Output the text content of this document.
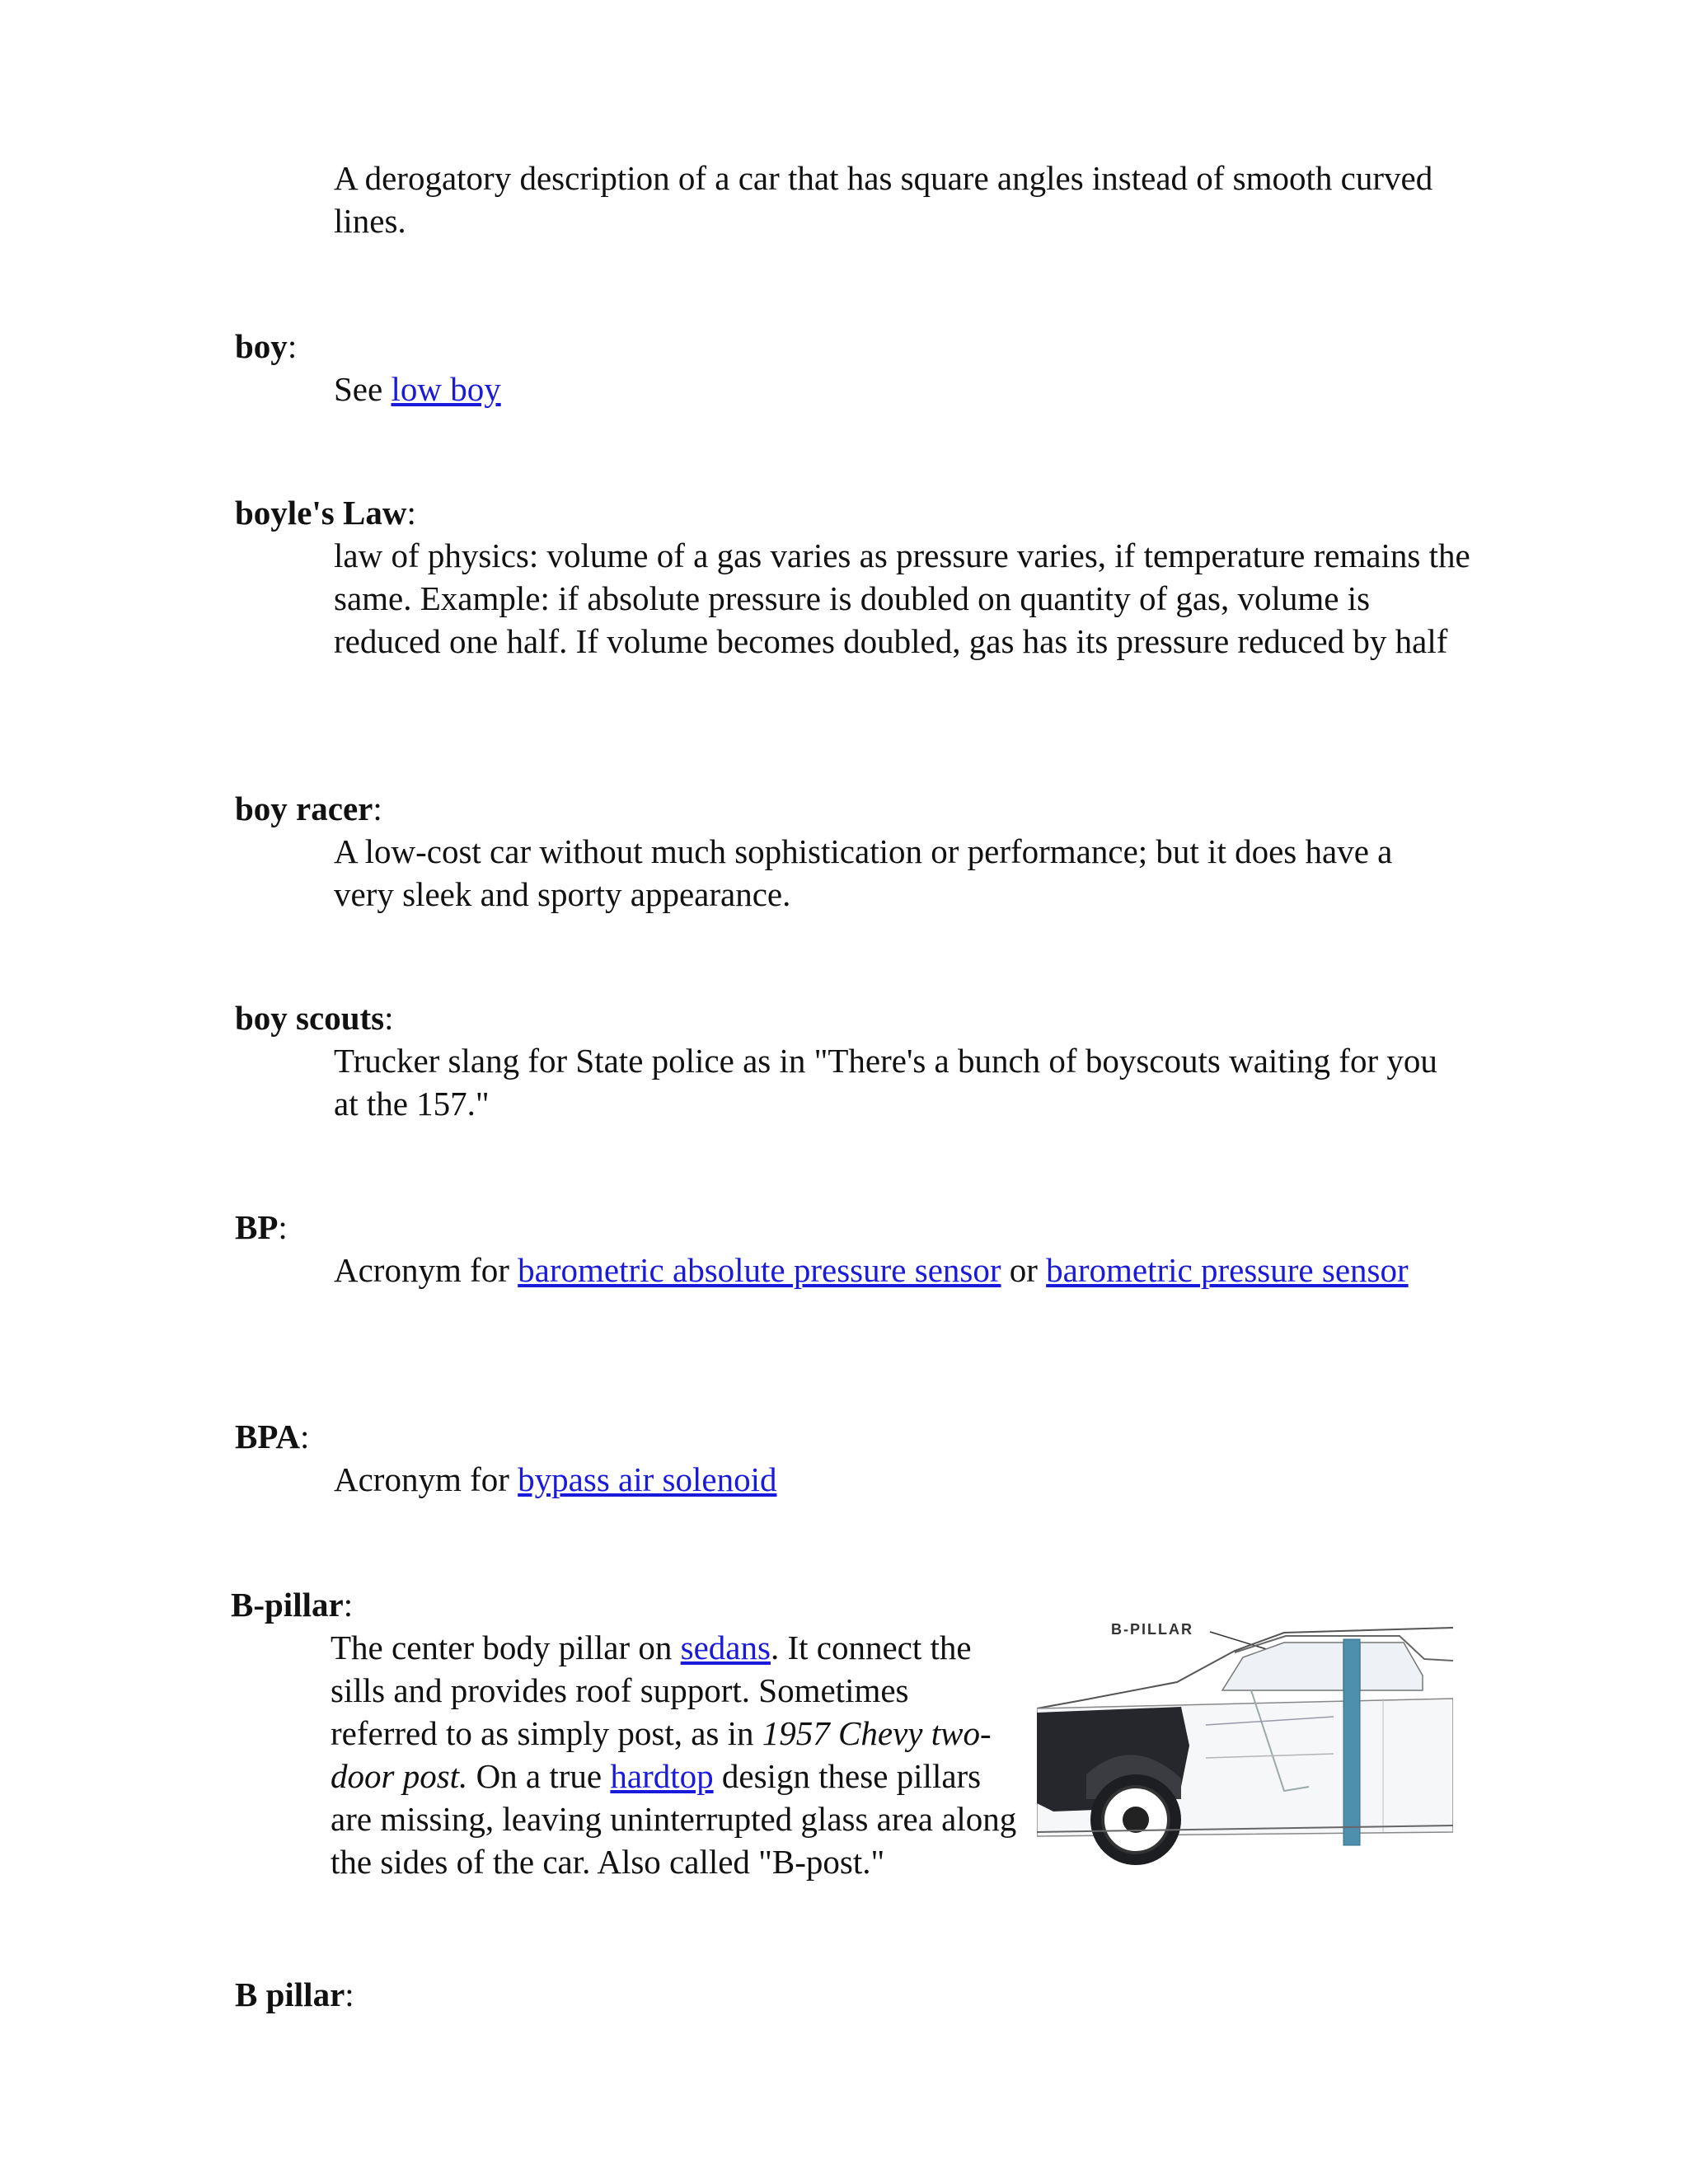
A derogatory description of a car that has square angles instead of smooth curved lines.
boy:
See low boy
boyle's Law:
law of physics: volume of a gas varies as pressure varies, if temperature remains the same. Example: if absolute pressure is doubled on quantity of gas, volume is reduced one half. If volume becomes doubled, gas has its pressure reduced by half
boy racer:
A low-cost car without much sophistication or performance; but it does have a very sleek and sporty appearance.
boy scouts:
Trucker slang for State police as in "There's a bunch of boyscouts waiting for you at the 157."
BP:
Acronym for barometric absolute pressure sensor or barometric pressure sensor
BPA:
Acronym for bypass air solenoid
B-pillar:
The center body pillar on sedans. It connect the sills and provides roof support. Sometimes referred to as simply post, as in 1957 Chevy two-door post. On a true hardtop design these pillars are missing, leaving uninterrupted glass area along the sides of the car. Also called "B-post."
B-PILLAR
B pillar:
